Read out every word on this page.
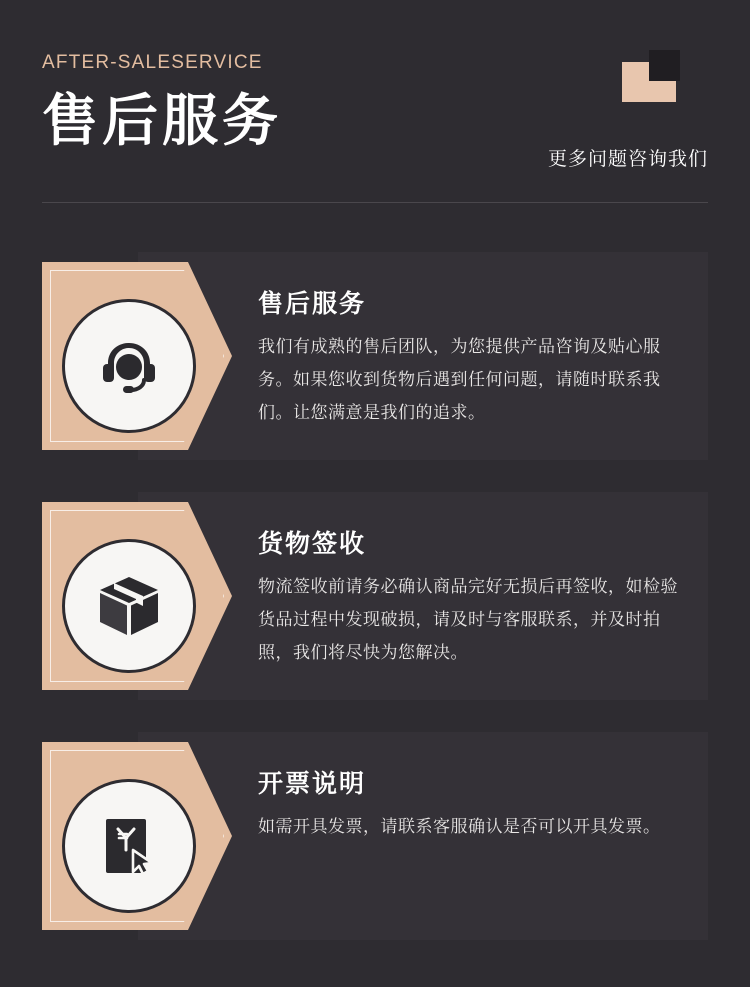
AFTER-SALESERVICE
售后服务
更多问题咨询我们
售后服务
我们有成熟的售后团队，为您提供产品咨询及贴心服务。如果您收到货物后遇到任何问题，请随时联系我们。让您满意是我们的追求。
货物签收
物流签收前请务必确认商品完好无损后再签收，如检验货品过程中发现破损，请及时与客服联系，并及时拍照，我们将尽快为您解决。
开票说明
如需开具发票，请联系客服确认是否可以开具发票。
